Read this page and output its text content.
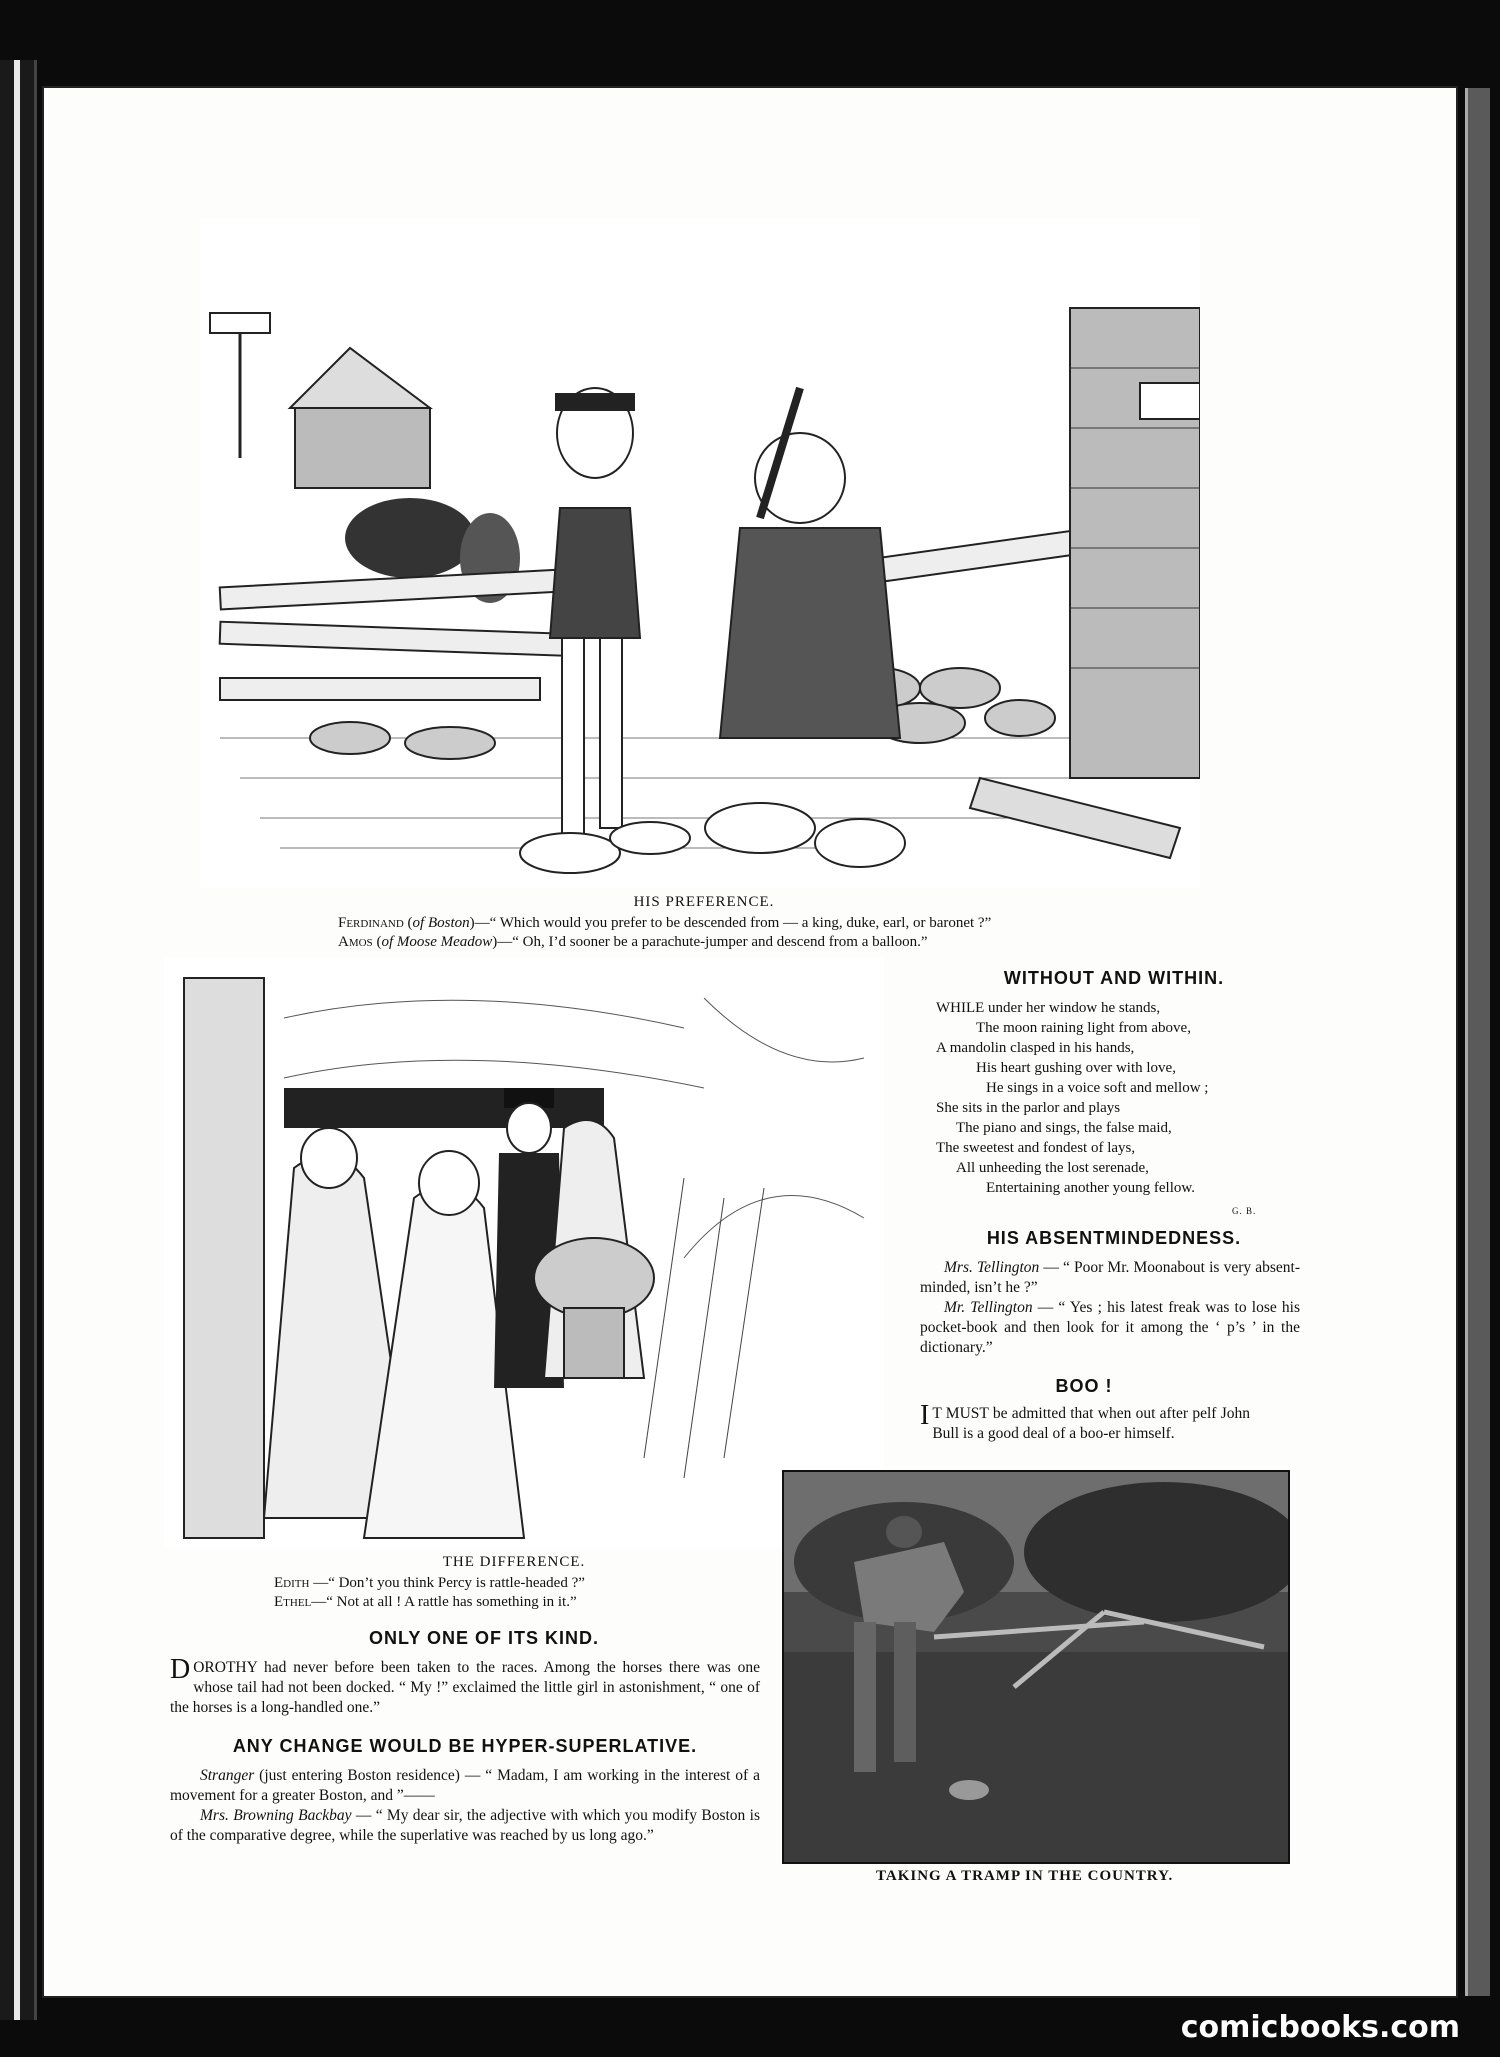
HIS PREFERENCE.
Ferdinand (of Boston)—“ Which would you prefer to be descended from — a king, duke, earl, or baronet ?”
Amos (of Moose Meadow)—“ Oh, I’d sooner be a parachute-jumper and descend from a balloon.”
THE DIFFERENCE.
Edith —“ Don’t you think Percy is rattle-headed ?”
Ethel—“ Not at all ! A rattle has something in it.”
WITHOUT AND WITHIN.
WHILE under her window he stands,
The moon raining light from above,
A mandolin clasped in his hands,
His heart gushing over with love,
He sings in a voice soft and mellow ;
She sits in the parlor and plays
The piano and sings, the false maid,
The sweetest and fondest of lays,
All unheeding the lost serenade,
Entertaining another young fellow.
G. B.
HIS ABSENTMINDEDNESS.

Mrs. Tellington — “ Poor Mr. Moonabout is very absent-minded, isn’t he ?”

Mr. Tellington — “ Yes ; his latest freak was to lose his pocket-book and then look for it among the ‘ p’s ’ in the dictionary.”

BOO !
I T MUST be admitted that when out after pelf John Bull is a good deal of a boo-er himself.
TAKING A TRAMP IN THE COUNTRY.
ONLY ONE OF ITS KIND.
DOROTHY had never before been taken to the races. Among the horses there was one whose tail had not been docked. “ My !” exclaimed the little girl in astonishment, “ one of the horses is a long-handled one.”
ANY CHANGE WOULD BE HYPER-SUPERLATIVE.

Stranger (just entering Boston residence) — “ Madam, I am working in the interest of a movement for a greater Boston, and ”——

Mrs. Browning Backbay — “ My dear sir, the adjective with which you modify Boston is of the comparative degree, while the superlative was reached by us long ago.”

comicbooks.com
